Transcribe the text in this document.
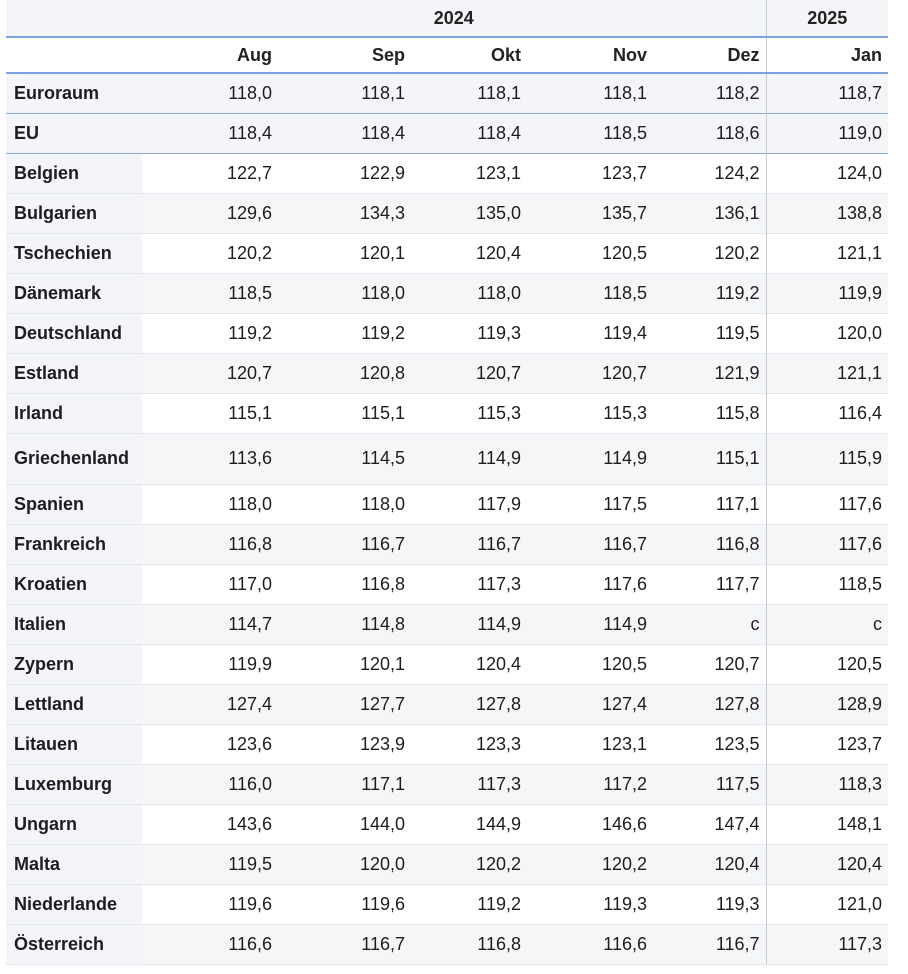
	2024					2025
	Aug	Sep	Okt	Nov	Dez	Jan
Euroraum	118,0	118,1	118,1	118,1	118,2	118,7
EU	118,4	118,4	118,4	118,5	118,6	119,0
Belgien	122,7	122,9	123,1	123,7	124,2	124,0
Bulgarien	129,6	134,3	135,0	135,7	136,1	138,8
Tschechien	120,2	120,1	120,4	120,5	120,2	121,1
Dänemark	118,5	118,0	118,0	118,5	119,2	119,9
Deutschland	119,2	119,2	119,3	119,4	119,5	120,0
Estland	120,7	120,8	120,7	120,7	121,9	121,1
Irland	115,1	115,1	115,3	115,3	115,8	116,4
Griechenland	113,6	114,5	114,9	114,9	115,1	115,9
Spanien	118,0	118,0	117,9	117,5	117,1	117,6
Frankreich	116,8	116,7	116,7	116,7	116,8	117,6
Kroatien	117,0	116,8	117,3	117,6	117,7	118,5
Italien	114,7	114,8	114,9	114,9	c	c
Zypern	119,9	120,1	120,4	120,5	120,7	120,5
Lettland	127,4	127,7	127,8	127,4	127,8	128,9
Litauen	123,6	123,9	123,3	123,1	123,5	123,7
Luxemburg	116,0	117,1	117,3	117,2	117,5	118,3
Ungarn	143,6	144,0	144,9	146,6	147,4	148,1
Malta	119,5	120,0	120,2	120,2	120,4	120,4
Niederlande	119,6	119,6	119,2	119,3	119,3	121,0
Österreich	116,6	116,7	116,8	116,6	116,7	117,3
